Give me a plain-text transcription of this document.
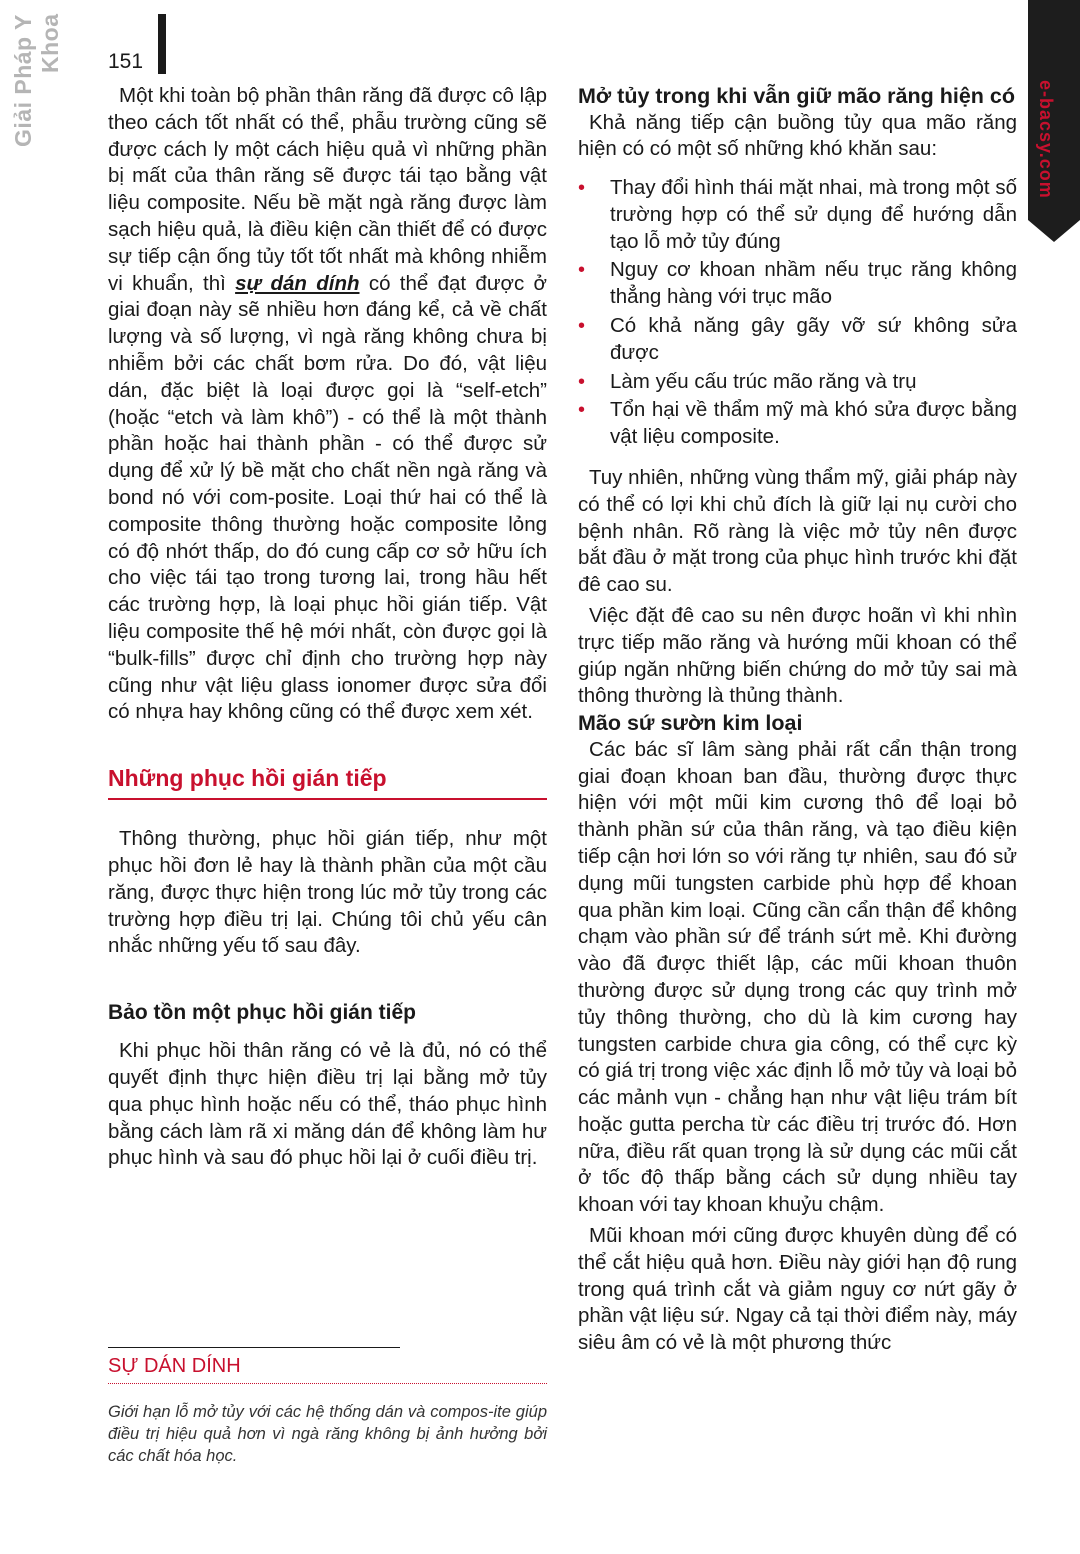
Giải Pháp Y Khoa 151
e-bacsy.com

Một khi toàn bộ phần thân răng đã được cô lập theo cách tốt nhất có thể, phẫu trường cũng sẽ được cách ly một cách hiệu quả vì những phần bị mất của thân răng sẽ được tái tạo bằng vật liệu composite. Nếu bề mặt ngà răng được làm sạch hiệu quả, là điều kiện cần thiết để có được sự tiếp cận ống tủy tốt tốt nhất mà không nhiễm vi khuẩn, thì sự dán dính có thể đạt được ở giai đoạn này sẽ nhiều hơn đáng kể, cả về chất lượng và số lượng, vì ngà răng không chưa bị nhiễm bởi các chất bơm rửa. Do đó, vật liệu dán, đặc biệt là loại được gọi là “self-etch” (hoặc “etch và làm khô”) - có thể là một thành phần hoặc hai thành phần - có thể được sử dụng để xử lý bề mặt cho chất nền ngà răng và bond nó với com-posite. Loại thứ hai có thể là composite thông thường hoặc composite lỏng có độ nhớt thấp, do đó cung cấp cơ sở hữu ích cho việc tái tạo trong tương lai, trong hầu hết các trường hợp, là loại phục hồi gián tiếp. Vật liệu composite thế hệ mới nhất, còn được gọi là “bulk-fills” được chỉ định cho trường hợp này cũng như vật liệu glass ionomer được sửa đổi có nhựa hay không cũng có thể được xem xét.

Những phục hồi gián tiếp

Thông thường, phục hồi gián tiếp, như một phục hồi đơn lẻ hay là thành phần của một cầu răng, được thực hiện trong lúc mở tủy trong các trường hợp điều trị lại. Chúng tôi chủ yếu cân nhắc những yếu tố sau đây.

Bảo tồn một phục hồi gián tiếp

Khi phục hồi thân răng có vẻ là đủ, nó có thể quyết định thực hiện điều trị lại bằng mở tủy qua phục hình hoặc nếu có thể, tháo phục hình bằng cách làm rã xi măng dán để không làm hư phục hình và sau đó phục hồi lại ở cuối điều trị.

SỰ DÁN DÍNH
Giới hạn lỗ mở tủy với các hệ thống dán và compos-ite giúp điều trị hiệu quả hơn vì ngà răng không bị ảnh hưởng bởi các chất hóa học.
Mở tủy trong khi vẫn giữ mão răng hiện có

Khả năng tiếp cận buồng tủy qua mão răng hiện có có một số những khó khăn sau:

• Thay đổi hình thái mặt nhai, mà trong một số trường hợp có thể sử dụng để hướng dẫn tạo lỗ mở tủy đúng
• Nguy cơ khoan nhầm nếu trục răng không thẳng hàng với trục mão
• Có khả năng gây gãy vỡ sứ không sửa được
• Làm yếu cấu trúc mão răng và trụ
• Tổn hại về thẩm mỹ mà khó sửa được bằng vật liệu composite.

Tuy nhiên, những vùng thẩm mỹ, giải pháp này có thể có lợi khi chủ đích là giữ lại nụ cười cho bệnh nhân. Rõ ràng là việc mở tủy nên được bắt đầu ở mặt trong của phục hình trước khi đặt đê cao su.

Việc đặt đê cao su nên được hoãn vì khi nhìn trực tiếp mão răng và hướng mũi khoan có thể giúp ngăn những biến chứng do mở tủy sai mà thông thường là thủng thành.

Mão sứ sườn kim loại

Các bác sĩ lâm sàng phải rất cẩn thận trong giai đoạn khoan ban đầu, thường được thực hiện với một mũi kim cương thô để loại bỏ thành phần sứ của thân răng, và tạo điều kiện tiếp cận hơi lớn so với răng tự nhiên, sau đó sử dụng mũi tungsten carbide phù hợp để khoan qua phần kim loại. Cũng cần cẩn thận để không chạm vào phần sứ để tránh sứt mẻ. Khi đường vào đã được thiết lập, các mũi khoan thuôn thường được sử dụng trong các quy trình mở tủy thông thường, cho dù là kim cương hay tungsten carbide chưa gia công, có thể cực kỳ có giá trị trong việc xác định lỗ mở tủy và loại bỏ các mảnh vụn - chẳng hạn như vật liệu trám bít hoặc gutta percha từ các điều trị trước đó. Hơn nữa, điều rất quan trọng là sử dụng các mũi cắt ở tốc độ thấp bằng cách sử dụng nhiều tay khoan với tay khoan khuỷu chậm.

Mũi khoan mới cũng được khuyên dùng để có thể cắt hiệu quả hơn. Điều này giới hạn độ rung trong quá trình cắt và giảm nguy cơ nứt gãy ở phần vật liệu sứ. Ngay cả tại thời điểm này, máy siêu âm có vẻ là một phương thức
